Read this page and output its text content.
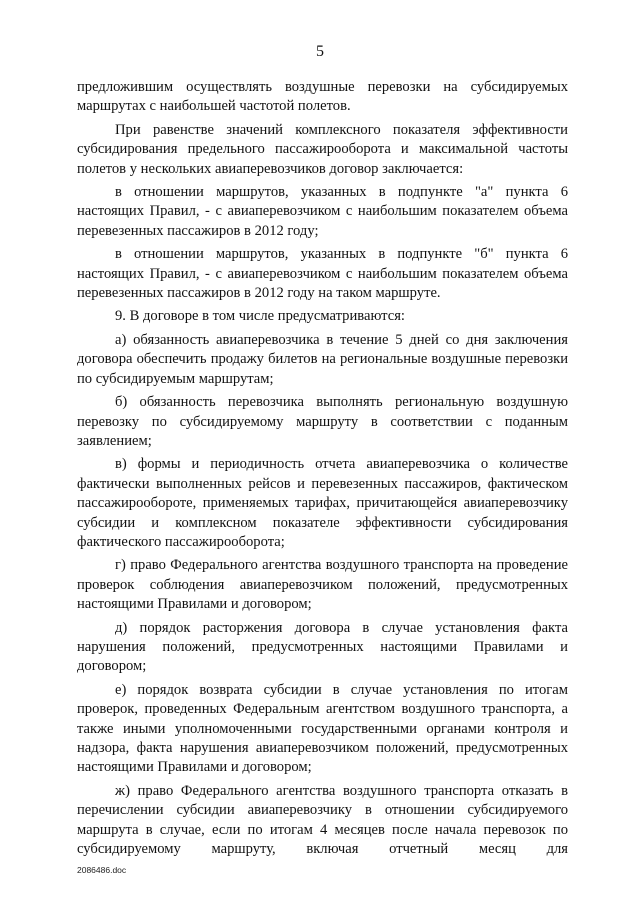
5

предложившим осуществлять воздушные перевозки на субсидируемых маршрутах с наибольшей частотой полетов.

При равенстве значений комплексного показателя эффективности субсидирования предельного пассажирооборота и максимальной частоты полетов у нескольких авиаперевозчиков договор заключается:

в отношении маршрутов, указанных в подпункте "а" пункта 6 настоящих Правил, - с авиаперевозчиком с наибольшим показателем объема перевезенных пассажиров в 2012 году;

в отношении маршрутов, указанных в подпункте "б" пункта 6 настоящих Правил, - с авиаперевозчиком с наибольшим показателем объема перевезенных пассажиров в 2012 году на таком маршруте.

9. В договоре в том числе предусматриваются:

а) обязанность авиаперевозчика в течение 5 дней со дня заключения договора обеспечить продажу билетов на региональные воздушные перевозки по субсидируемым маршрутам;

б) обязанность перевозчика выполнять региональную воздушную перевозку по субсидируемому маршруту в соответствии с поданным заявлением;

в) формы и периодичность отчета авиаперевозчика о количестве фактически выполненных рейсов и перевезенных пассажиров, фактическом пассажирообороте, применяемых тарифах, причитающейся авиаперевозчику субсидии и комплексном показателе эффективности субсидирования фактического пассажирооборота;

г) право Федерального агентства воздушного транспорта на проведение проверок соблюдения авиаперевозчиком положений, предусмотренных настоящими Правилами и договором;

д) порядок расторжения договора в случае установления факта нарушения положений, предусмотренных настоящими Правилами и договором;

е) порядок возврата субсидии в случае установления по итогам проверок, проведенных Федеральным агентством воздушного транспорта, а также иными уполномоченными государственными органами контроля и надзора, факта нарушения авиаперевозчиком положений, предусмотренных настоящими Правилами и договором;

ж) право Федерального агентства воздушного транспорта отказать в перечислении субсидии авиаперевозчику в отношении субсидируемого маршрута в случае, если по итогам 4 месяцев после начала перевозок по субсидируемому маршруту, включая отчетный месяц для

2086486.doc
